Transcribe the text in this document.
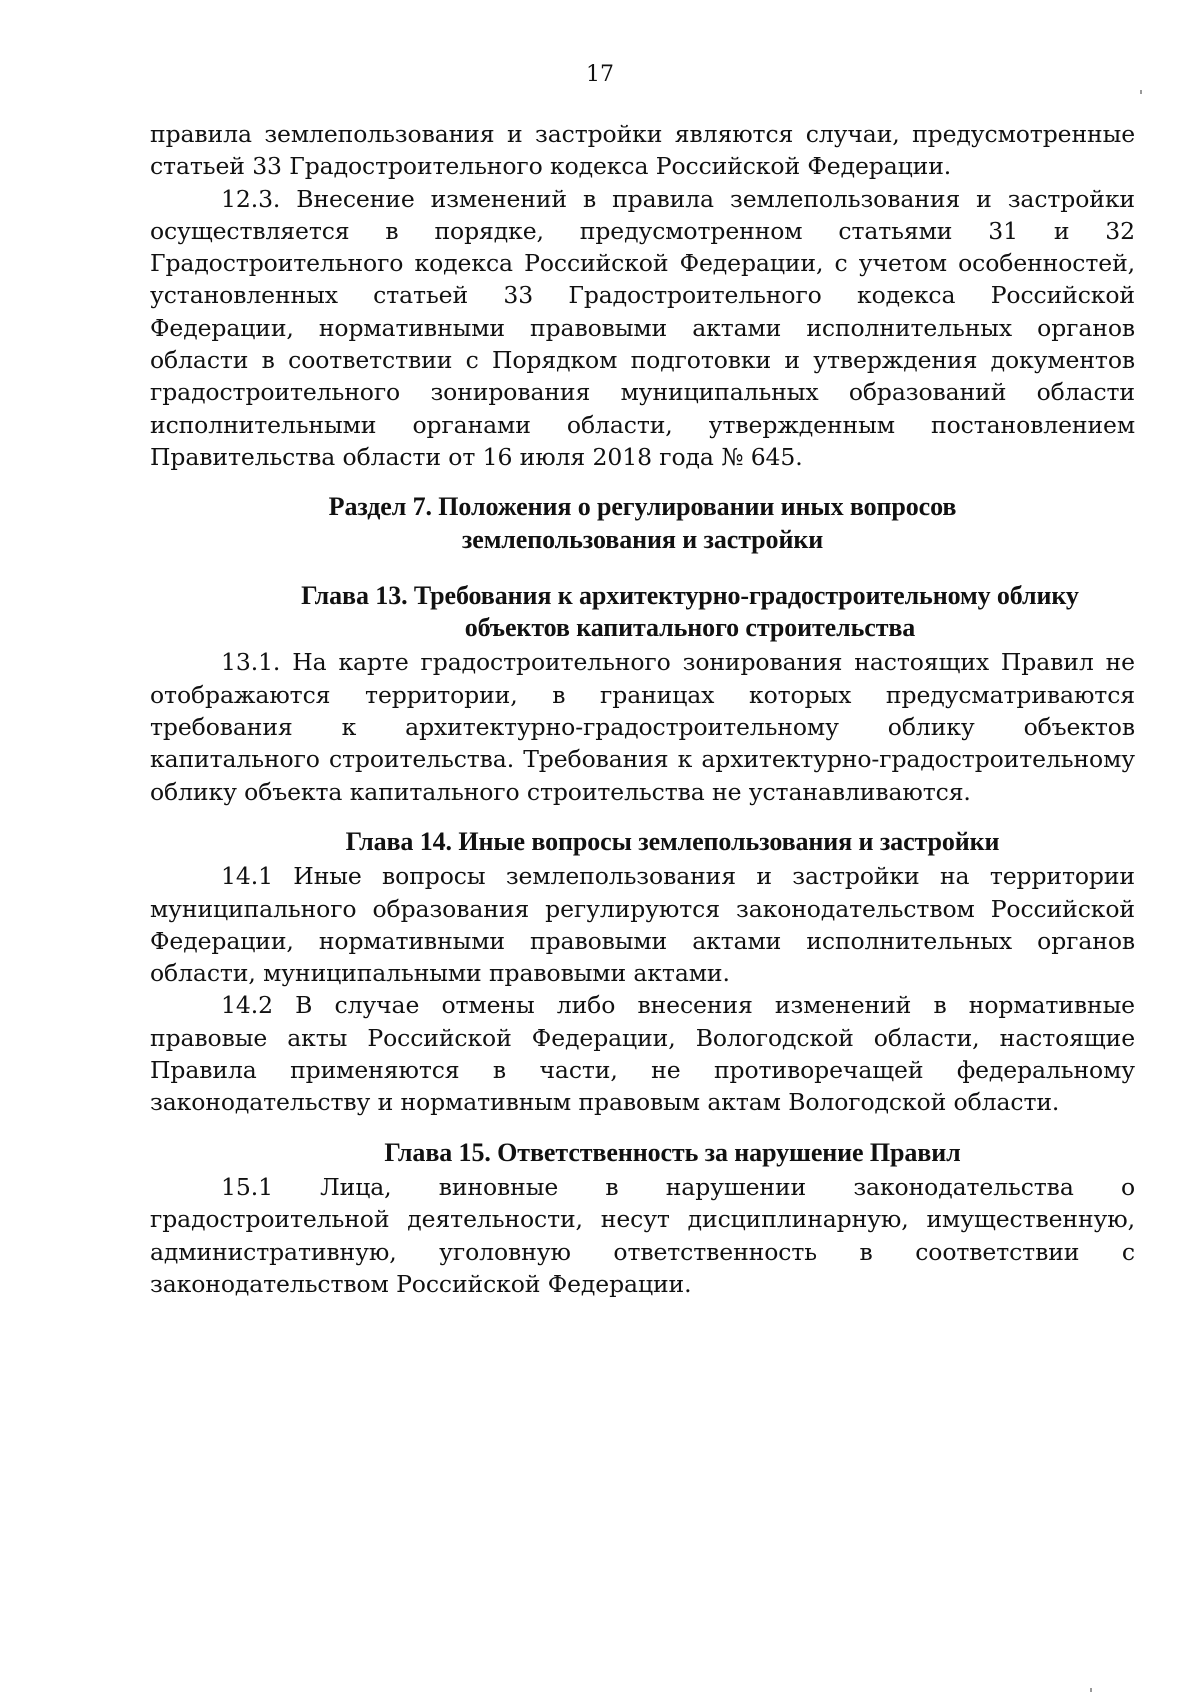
17

правила землепользования и застройки являются случаи, предусмотренные статьей 33 Градостроительного кодекса Российской Федерации.

12.3. Внесение изменений в правила землепользования и застройки осуществляется в порядке, предусмотренном статьями 31 и 32 Градостроительного кодекса Российской Федерации, с учетом особенностей, установленных статьей 33 Градостроительного кодекса Российской Федерации, нормативными правовыми актами исполнительных органов области в соответствии с Порядком подготовки и утверждения документов градостроительного зонирования муниципальных образований области исполнительными органами области, утвержденным постановлением Правительства области от 16 июля 2018 года № 645.

Раздел 7. Положения о регулировании иных вопросов

землепользования и застройки

Глава 13. Требования к архитектурно-градостроительному облику

объектов капитального строительства

13.1. На карте градостроительного зонирования настоящих Правил не отображаются территории, в границах которых предусматриваются требования к архитектурно-градостроительному облику объектов капитального строительства. Требования к архитектурно-градостроительному облику объекта капитального строительства не устанавливаются.

Глава 14. Иные вопросы землепользования и застройки

14.1 Иные вопросы землепользования и застройки на территории муниципального образования регулируются законодательством Российской Федерации, нормативными правовыми актами исполнительных органов области, муниципальными правовыми актами.

14.2 В случае отмены либо внесения изменений в нормативные правовые акты Российской Федерации, Вологодской области, настоящие Правила применяются в части, не противоречащей федеральному законодательству и нормативным правовым актам Вологодской области.

Глава 15. Ответственность за нарушение Правил

15.1 Лица, виновные в нарушении законодательства о градостроительной деятельности, несут дисциплинарную, имущественную, административную, уголовную ответственность в соответствии с законодательством Российской Федерации.
